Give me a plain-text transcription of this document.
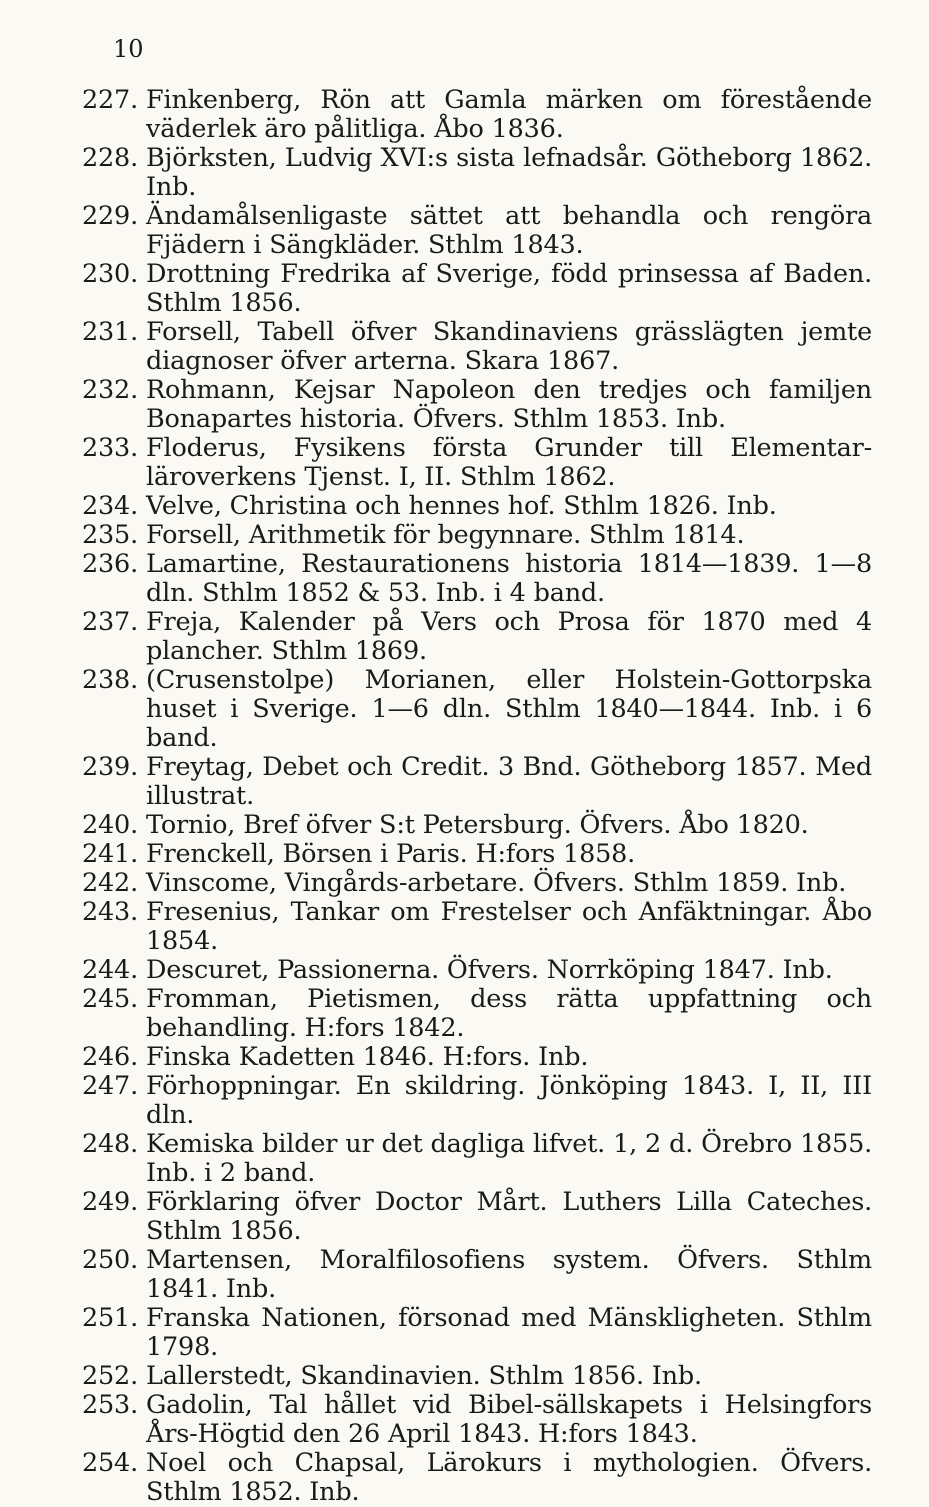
10
227. Finkenberg, Rön att Gamla märken om förestående väderlek äro pålitliga. Åbo 1836.
228. Björksten, Ludvig XVI:s sista lefnadsår. Götheborg 1862. Inb.
229. Ändamålsenligaste sättet att behandla och rengöra Fjädern i Sängkläder. Sthlm 1843.
230. Drottning Fredrika af Sverige, född prinsessa af Baden. Sthlm 1856.
231. Forsell, Tabell öfver Skandinaviens grässlägten jemte diagnoser öfver arterna. Skara 1867.
232. Rohmann, Kejsar Napoleon den tredjes och familjen Bonapartes historia. Öfvers. Sthlm 1853. Inb.
233. Floderus, Fysikens första Grunder till Elementar-läroverkens Tjenst. I, II. Sthlm 1862.
234. Velve, Christina och hennes hof. Sthlm 1826. Inb.
235. Forsell, Arithmetik för begynnare. Sthlm 1814.
236. Lamartine, Restaurationens historia 1814—1839. 1—8 dln. Sthlm 1852 & 53. Inb. i 4 band.
237. Freja, Kalender på Vers och Prosa för 1870 med 4 plancher. Sthlm 1869.
238. (Crusenstolpe) Morianen, eller Holstein-Gottorpska huset i Sverige. 1—6 dln. Sthlm 1840—1844. Inb. i 6 band.
239. Freytag, Debet och Credit. 3 Bnd. Götheborg 1857. Med illustrat.
240. Tornio, Bref öfver S:t Petersburg. Öfvers. Åbo 1820.
241. Frenckell, Börsen i Paris. H:fors 1858.
242. Vinscome, Vingårds-arbetare. Öfvers. Sthlm 1859. Inb.
243. Fresenius, Tankar om Frestelser och Anfäktningar. Åbo 1854.
244. Descuret, Passionerna. Öfvers. Norrköping 1847. Inb.
245. Fromman, Pietismen, dess rätta uppfattning och behandling. H:fors 1842.
246. Finska Kadetten 1846. H:fors. Inb.
247. Förhoppningar. En skildring. Jönköping 1843. I, II, III dln.
248. Kemiska bilder ur det dagliga lifvet. 1, 2 d. Örebro 1855. Inb. i 2 band.
249. Förklaring öfver Doctor Mårt. Luthers Lilla Cateches. Sthlm 1856.
250. Martensen, Moralfilosofiens system. Öfvers. Sthlm 1841. Inb.
251. Franska Nationen, försonad med Mänskligheten. Sthlm 1798.
252. Lallerstedt, Skandinavien. Sthlm 1856. Inb.
253. Gadolin, Tal hållet vid Bibel-sällskapets i Helsingfors Års-Högtid den 26 April 1843. H:fors 1843.
254. Noel och Chapsal, Lärokurs i mythologien. Öfvers. Sthlm 1852. Inb.
